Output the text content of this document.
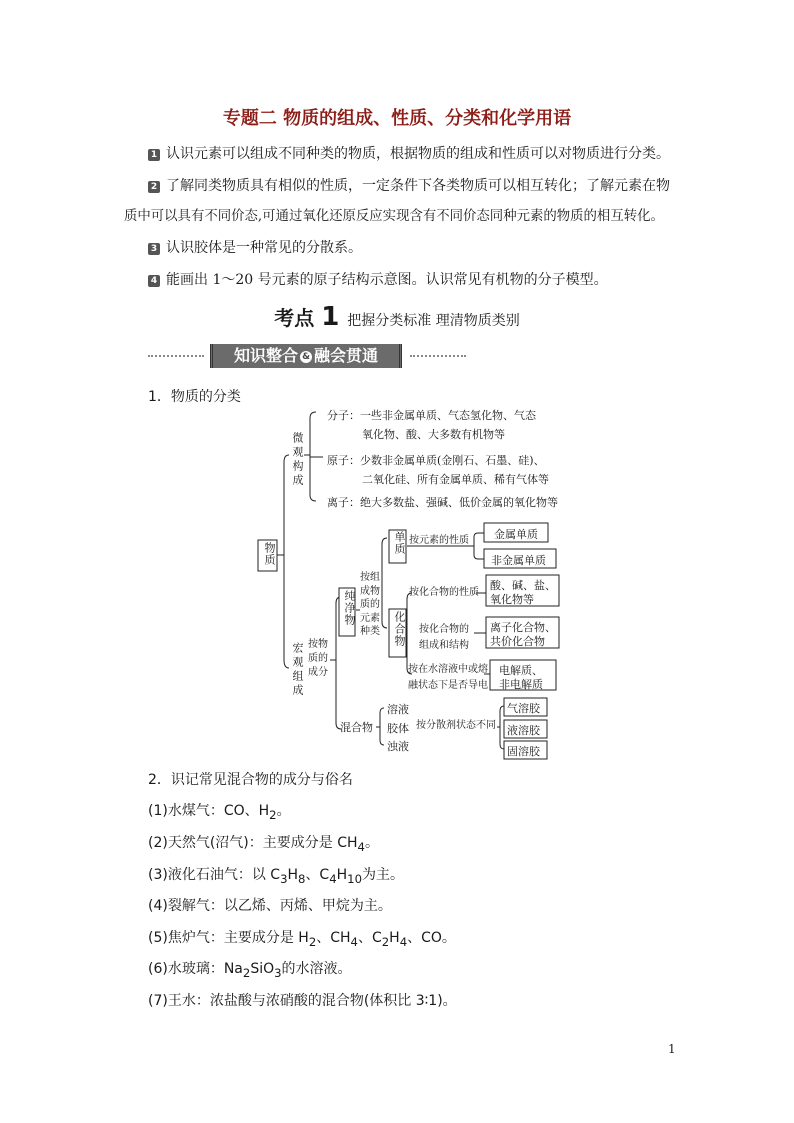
专题二 物质的组成、性质、分类和化学用语
1 认识元素可以组成不同种类的物质，根据物质的组成和性质可以对物质进行分类。
2 了解同类物质具有相似的性质，一定条件下各类物质可以相互转化；了解元素在物
质中可以具有不同价态,可通过氧化还原反应实现含有不同价态同种元素的物质的相互转化。
3 认识胶体是一种常见的分散系。
4 能画出 1～20 号元素的原子结构示意图。认识常见有机物的分子模型。
考点 1 把握分类标准 理清物质类别
知识整合 & 融会贯通
1．物质的分类
物质
微观构成
宏观组成
分子：一些非金属单质、气态氢化物、气态
氧化物、酸、大多数有机物等
原子：少数非金属单质(金刚石、石墨、硅)、
二氧化硅、所有金属单质、稀有气体等
离子：绝大多数盐、强碱、低价金属的氧化物等
按物质的成分
纯净物
按组成物质的元素种类
单质
化合物
按元素的性质 金属单质
非金属单质
按化合物的性质
酸、碱、盐、
氧化物等
按化合物的
组成和结构
离子化合物、
共价化合物
按在水溶液中或熔
融状态下是否导电
电解质、
非电解质
混合物
溶液
胶体
浊液
按分散剂状态不同
气溶胶
液溶胶
固溶胶
2．识记常见混合物的成分与俗名
(1)水煤气：CO、$H_2$。
(2)天然气(沼气)：主要成分是 $CH_4$。
(3)液化石油气：以 $C_3H_8$、$C_4H_{10}$为主。
(4)裂解气：以乙烯、丙烯、甲烷为主。
(5)焦炉气：主要成分是 $H_2$、$CH_4$、$C_2H_4$、CO。
(6)水玻璃：$Na_2SiO_3$的水溶液。
(7)王水：浓盐酸与浓硝酸的混合物(体积比 3∶1)。
1
